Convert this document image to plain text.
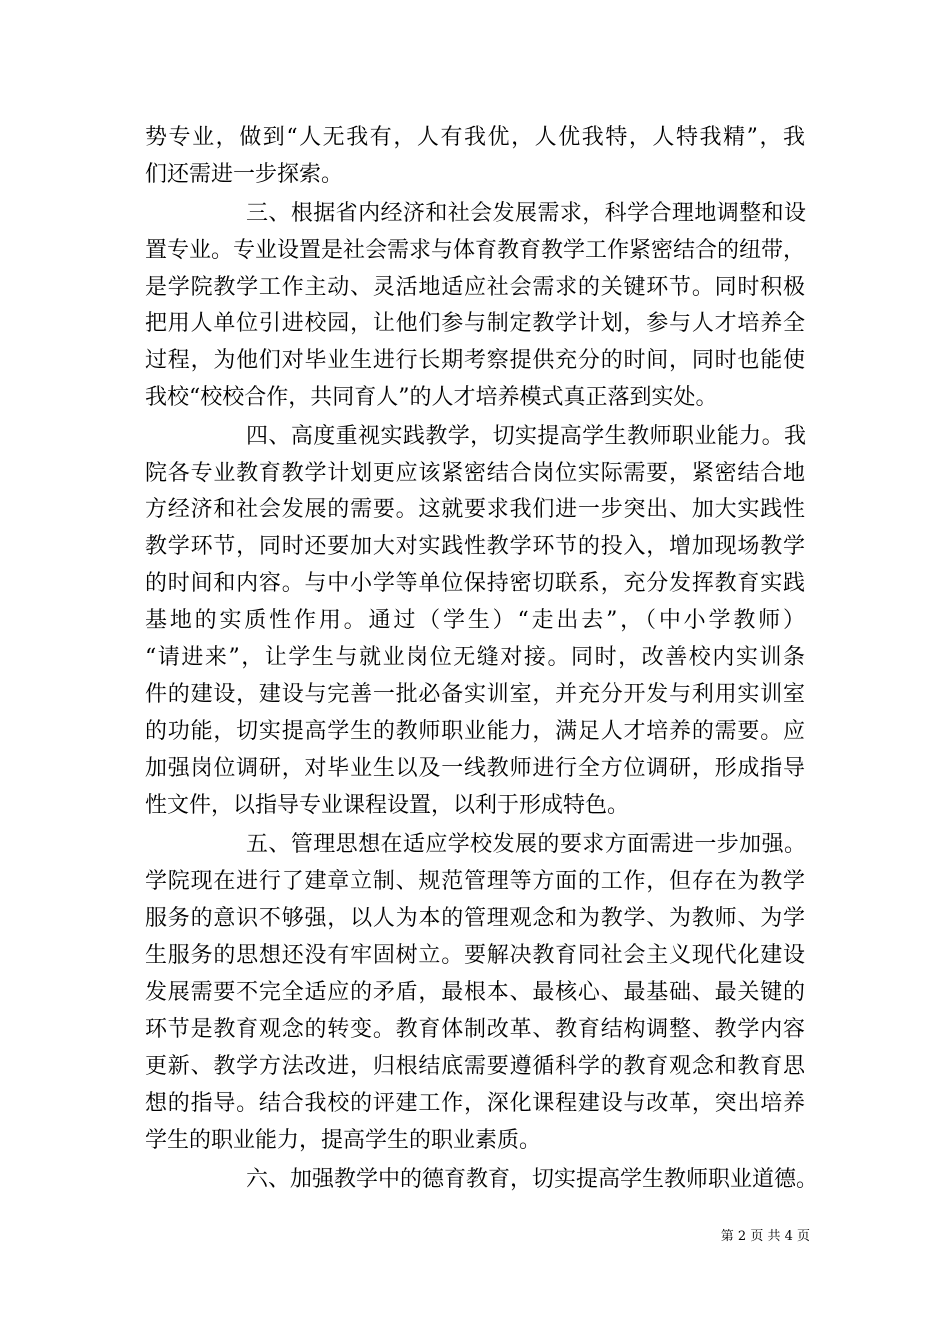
势专业，做到“人无我有，人有我优，人优我特，人特我精”，我
们还需进一步探索。
三、根据省内经济和社会发展需求，科学合理地调整和设
置专业。专业设置是社会需求与体育教育教学工作紧密结合的纽带，
是学院教学工作主动、灵活地适应社会需求的关键环节。同时积极
把用人单位引进校园，让他们参与制定教学计划，参与人才培养全
过程，为他们对毕业生进行长期考察提供充分的时间，同时也能使
我校“校校合作，共同育人”的人才培养模式真正落到实处。
四、高度重视实践教学，切实提高学生教师职业能力。我
院各专业教育教学计划更应该紧密结合岗位实际需要，紧密结合地
方经济和社会发展的需要。这就要求我们进一步突出、加大实践性
教学环节，同时还要加大对实践性教学环节的投入，增加现场教学
的时间和内容。与中小学等单位保持密切联系，充分发挥教育实践
基地的实质性作用。通过（学生）“走出去”，（中小学教师）
“请进来”，让学生与就业岗位无缝对接。同时，改善校内实训条
件的建设，建设与完善一批必备实训室，并充分开发与利用实训室
的功能，切实提高学生的教师职业能力，满足人才培养的需要。应
加强岗位调研，对毕业生以及一线教师进行全方位调研，形成指导
性文件，以指导专业课程设置，以利于形成特色。
五、管理思想在适应学校发展的要求方面需进一步加强。
学院现在进行了建章立制、规范管理等方面的工作，但存在为教学
服务的意识不够强，以人为本的管理观念和为教学、为教师、为学
生服务的思想还没有牢固树立。要解决教育同社会主义现代化建设
发展需要不完全适应的矛盾，最根本、最核心、最基础、最关键的
环节是教育观念的转变。教育体制改革、教育结构调整、教学内容
更新、教学方法改进，归根结底需要遵循科学的教育观念和教育思
想的指导。结合我校的评建工作，深化课程建设与改革，突出培养
学生的职业能力，提高学生的职业素质。
六、加强教学中的德育教育，切实提高学生教师职业道德。
第 2 页 共 4 页
